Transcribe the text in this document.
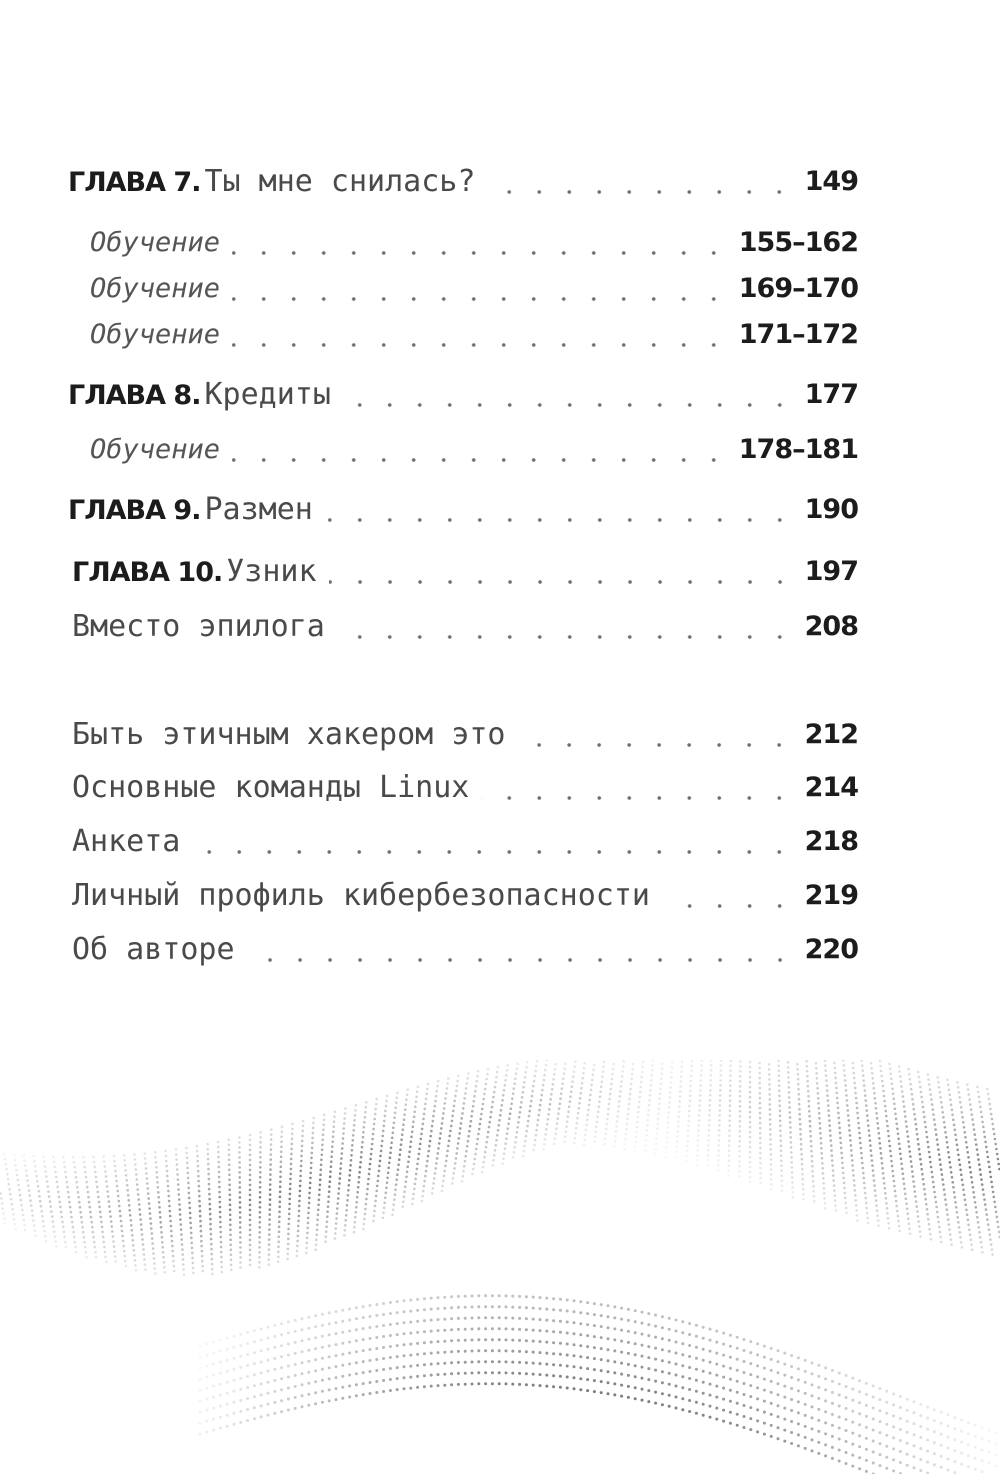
ГЛАВА 7. Ты мне снилась?	149
Обучение	155–162
Обучение	169–170
Обучение	171–172
ГЛАВА 8. Кредиты	177
Обучение	178–181
ГЛАВА 9. Размен	190
ГЛАВА 10. Узник	197
Вместо эпилога	208
Быть этичным хакером это	212
Основные команды Linux	214
Анкета	218
Личный профиль кибербезопасности	219
Об авторе	220
